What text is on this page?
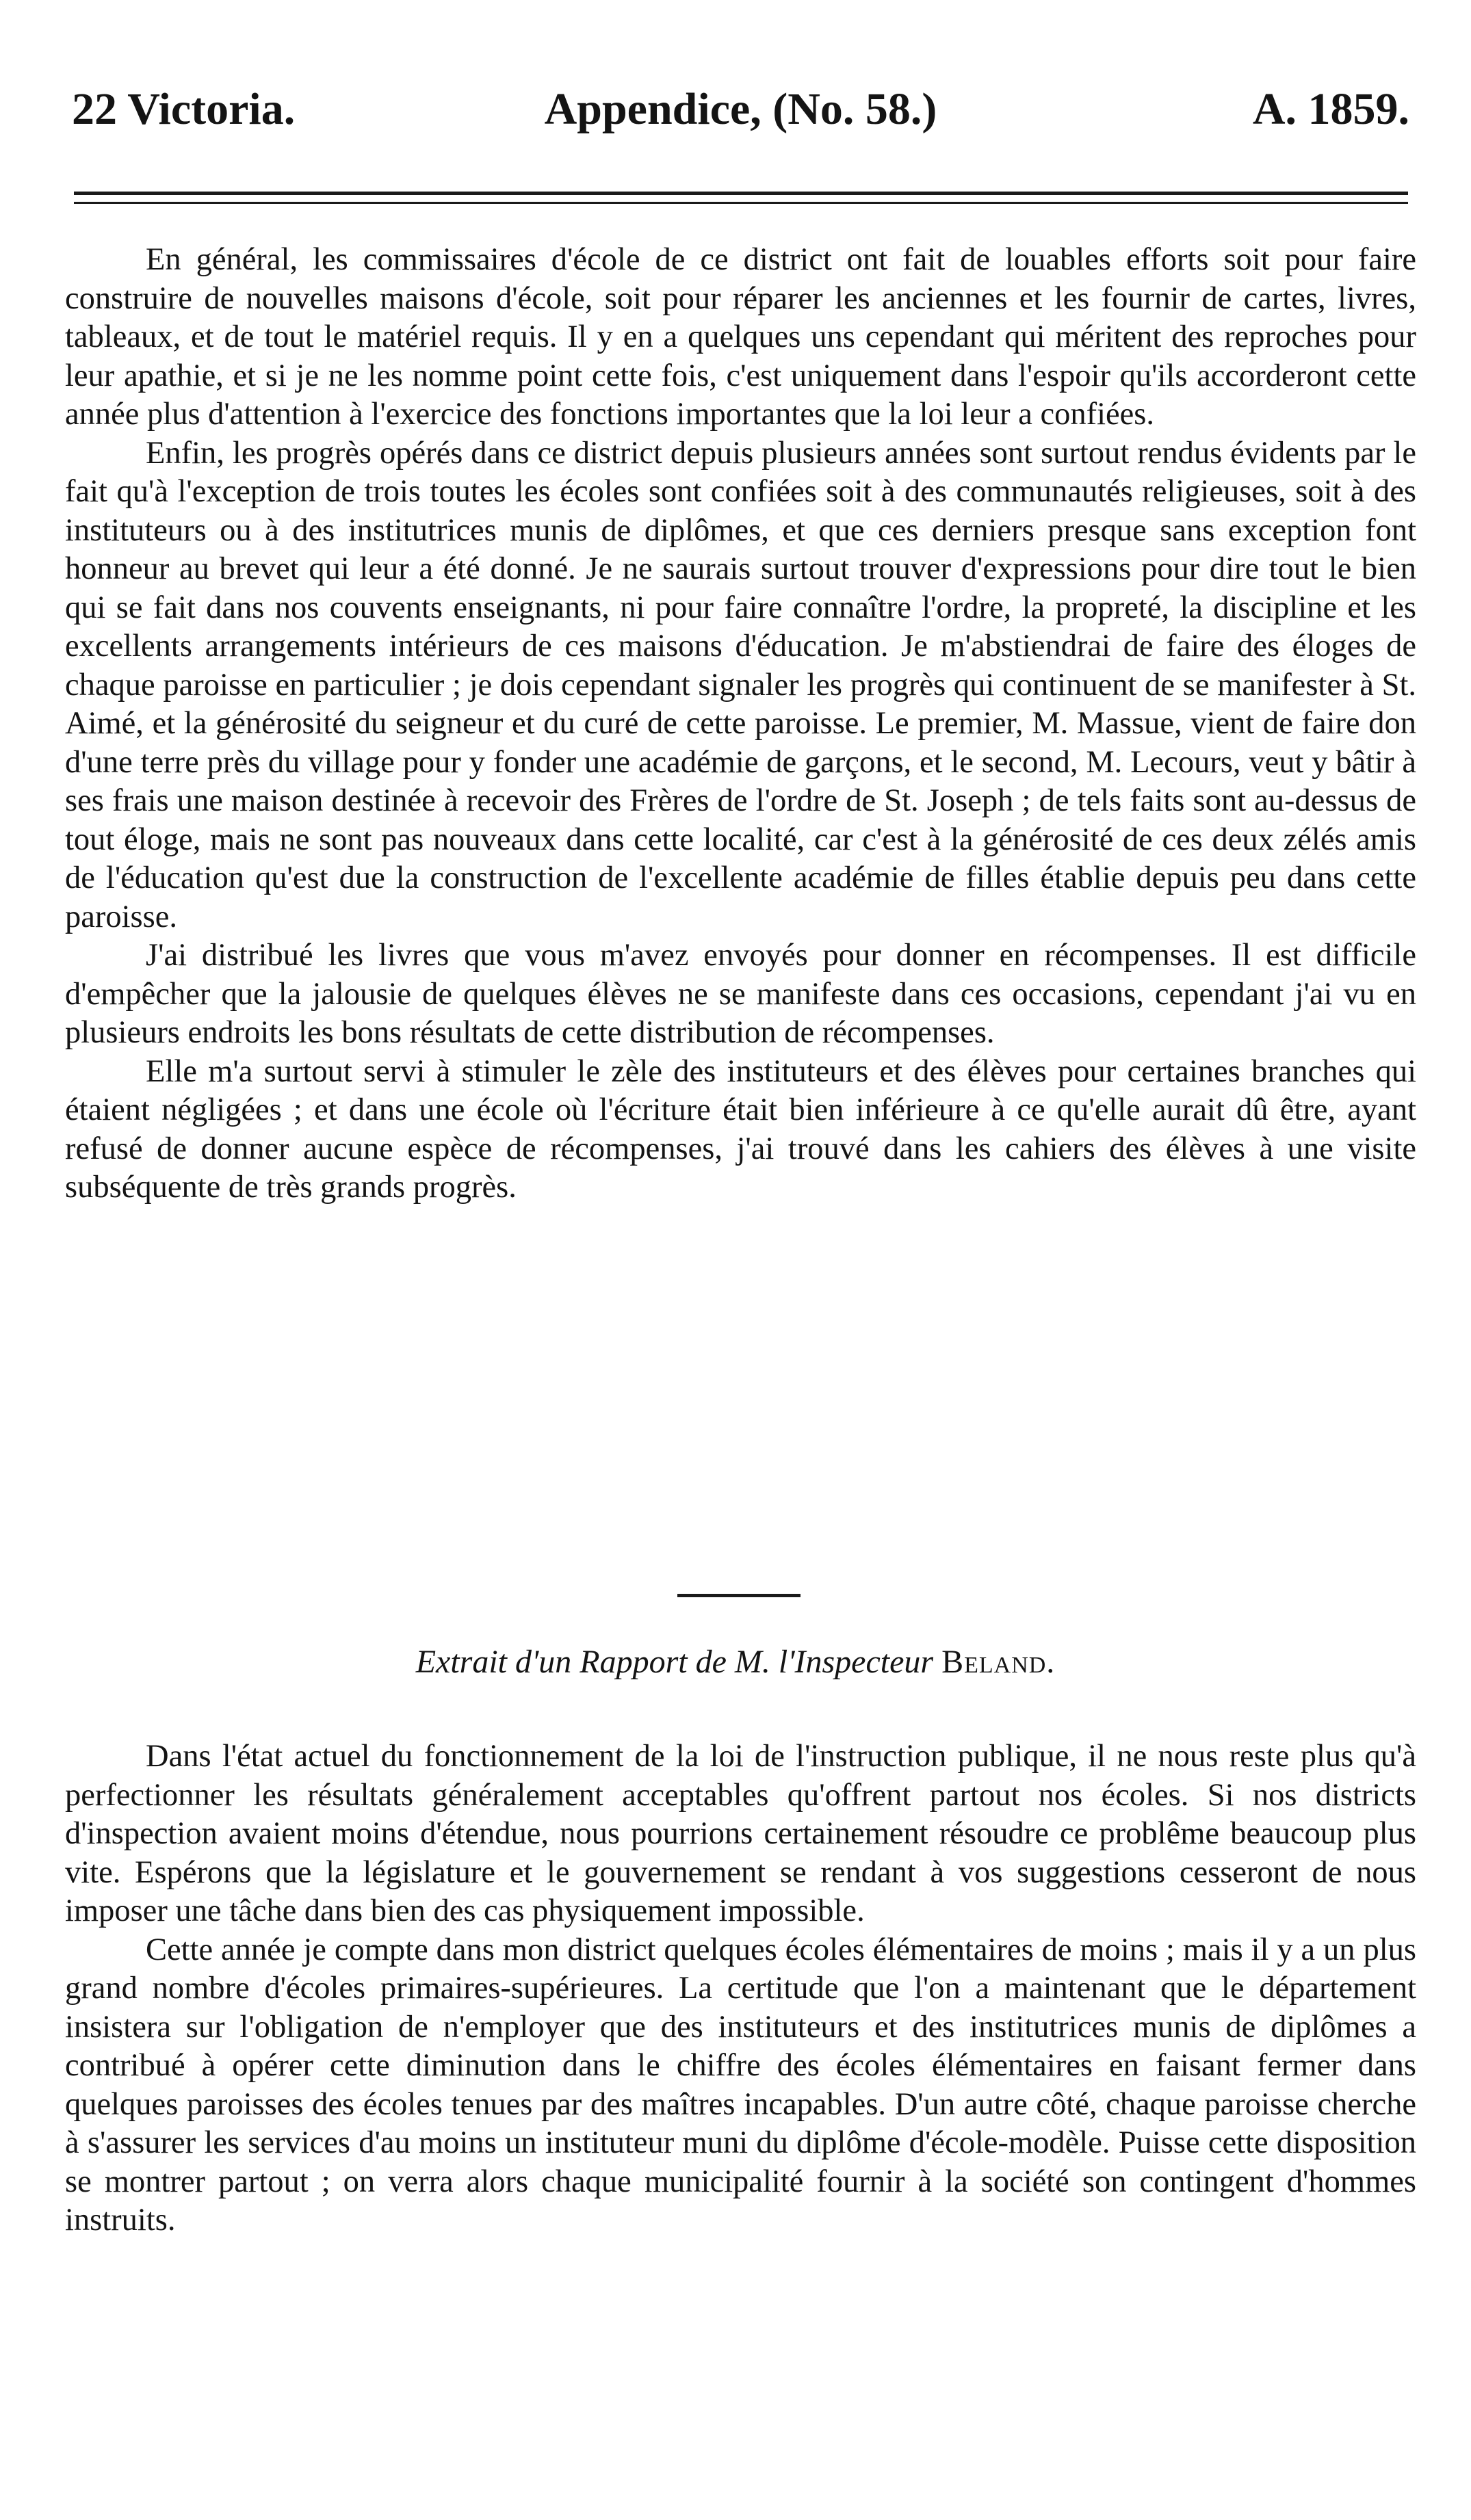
22 Victoria.	Appendice, (No. 58.)	A. 1859.

En général, les commissaires d'école de ce district ont fait de louables efforts soit pour faire construire de nouvelles maisons d'école, soit pour réparer les anciennes et les fournir de cartes, livres, tableaux, et de tout le matériel requis. Il y en a quelques uns cependant qui méritent des reproches pour leur apathie, et si je ne les nomme point cette fois, c'est uniquement dans l'espoir qu'ils accorderont cette année plus d'attention à l'exercice des fonctions importantes que la loi leur a confiées.

Enfin, les progrès opérés dans ce district depuis plusieurs années sont surtout rendus évidents par le fait qu'à l'exception de trois toutes les écoles sont confiées soit à des communautés religieuses, soit à des instituteurs ou à des institutrices munis de diplômes, et que ces derniers presque sans exception font honneur au brevet qui leur a été donné. Je ne saurais surtout trouver d'expressions pour dire tout le bien qui se fait dans nos couvents enseignants, ni pour faire connaître l'ordre, la propreté, la discipline et les excellents arrangements intérieurs de ces maisons d'éducation. Je m'abstiendrai de faire des éloges de chaque paroisse en particulier ; je dois cependant signaler les progrès qui continuent de se manifester à St. Aimé, et la générosité du seigneur et du curé de cette paroisse. Le premier, M. Massue, vient de faire don d'une terre près du village pour y fonder une académie de garçons, et le second, M. Lecours, veut y bâtir à ses frais une maison destinée à recevoir des Frères de l'ordre de St. Joseph ; de tels faits sont au-dessus de tout éloge, mais ne sont pas nouveaux dans cette localité, car c'est à la générosité de ces deux zélés amis de l'éducation qu'est due la construction de l'excellente académie de filles établie depuis peu dans cette paroisse.

J'ai distribué les livres que vous m'avez envoyés pour donner en récompenses. Il est difficile d'empêcher que la jalousie de quelques élèves ne se manifeste dans ces occasions, cependant j'ai vu en plusieurs endroits les bons résultats de cette distribution de récompenses.

Elle m'a surtout servi à stimuler le zèle des instituteurs et des élèves pour certaines branches qui étaient négligées ; et dans une école où l'écriture était bien inférieure à ce qu'elle aurait dû être, ayant refusé de donner aucune espèce de récompenses, j'ai trouvé dans les cahiers des élèves à une visite subséquente de très grands progrès.

Extrait d'un Rapport de M. l'Inspecteur Beland.

Dans l'état actuel du fonctionnement de la loi de l'instruction publique, il ne nous reste plus qu'à perfectionner les résultats généralement acceptables qu'offrent partout nos écoles. Si nos districts d'inspection avaient moins d'étendue, nous pourrions certainement résoudre ce problême beaucoup plus vite. Espérons que la législature et le gouvernement se rendant à vos suggestions cesseront de nous imposer une tâche dans bien des cas physiquement impossible.

Cette année je compte dans mon district quelques écoles élémentaires de moins ; mais il y a un plus grand nombre d'écoles primaires-supérieures. La certitude que l'on a maintenant que le département insistera sur l'obligation de n'employer que des instituteurs et des institutrices munis de diplômes a contribué à opérer cette diminution dans le chiffre des écoles élémentaires en faisant fermer dans quelques paroisses des écoles tenues par des maîtres incapables. D'un autre côté, chaque paroisse cherche à s'assurer les services d'au moins un instituteur muni du diplôme d'école-modèle. Puisse cette disposition se montrer partout ; on verra alors chaque municipalité fournir à la société son contingent d'hommes instruits.
